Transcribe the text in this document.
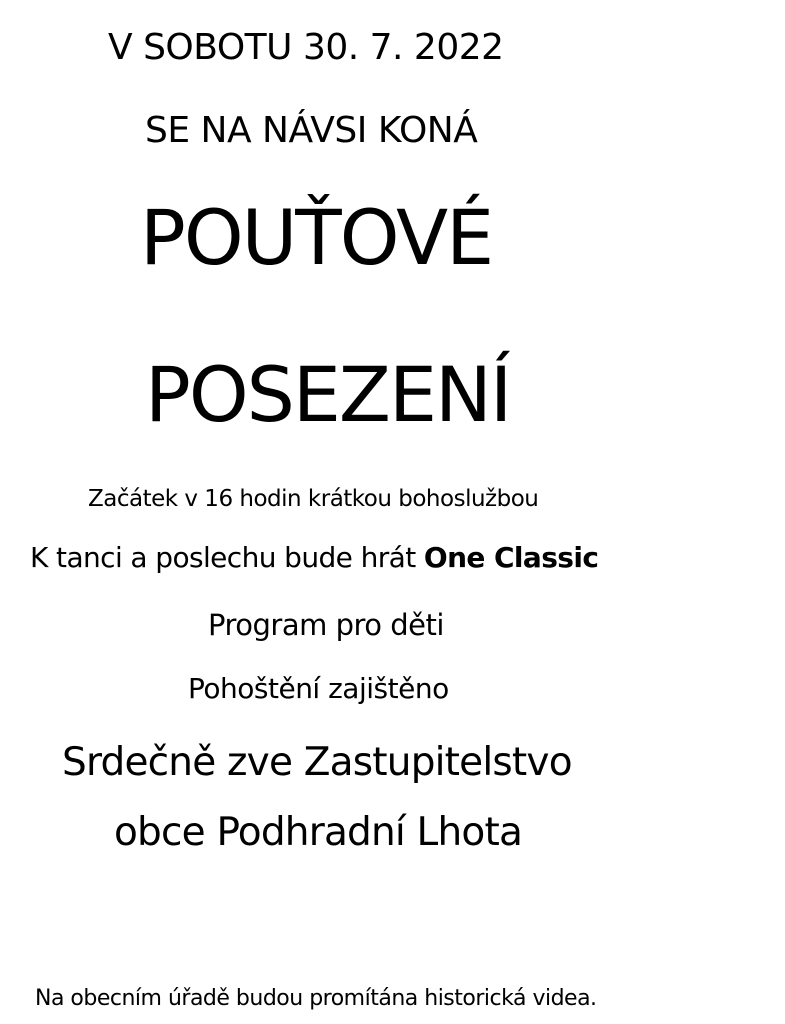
V SOBOTU 30. 7. 2022
SE NA NÁVSI KONÁ
POUŤOVÉ
POSEZENÍ
Začátek v 16 hodin krátkou bohoslužbou
K tanci a poslechu bude hrát One Classic
Program pro děti
Pohoštění zajištěno
Srdečně zve Zastupitelstvo
obce Podhradní Lhota
Na obecním úřadě budou promítána historická videa.
